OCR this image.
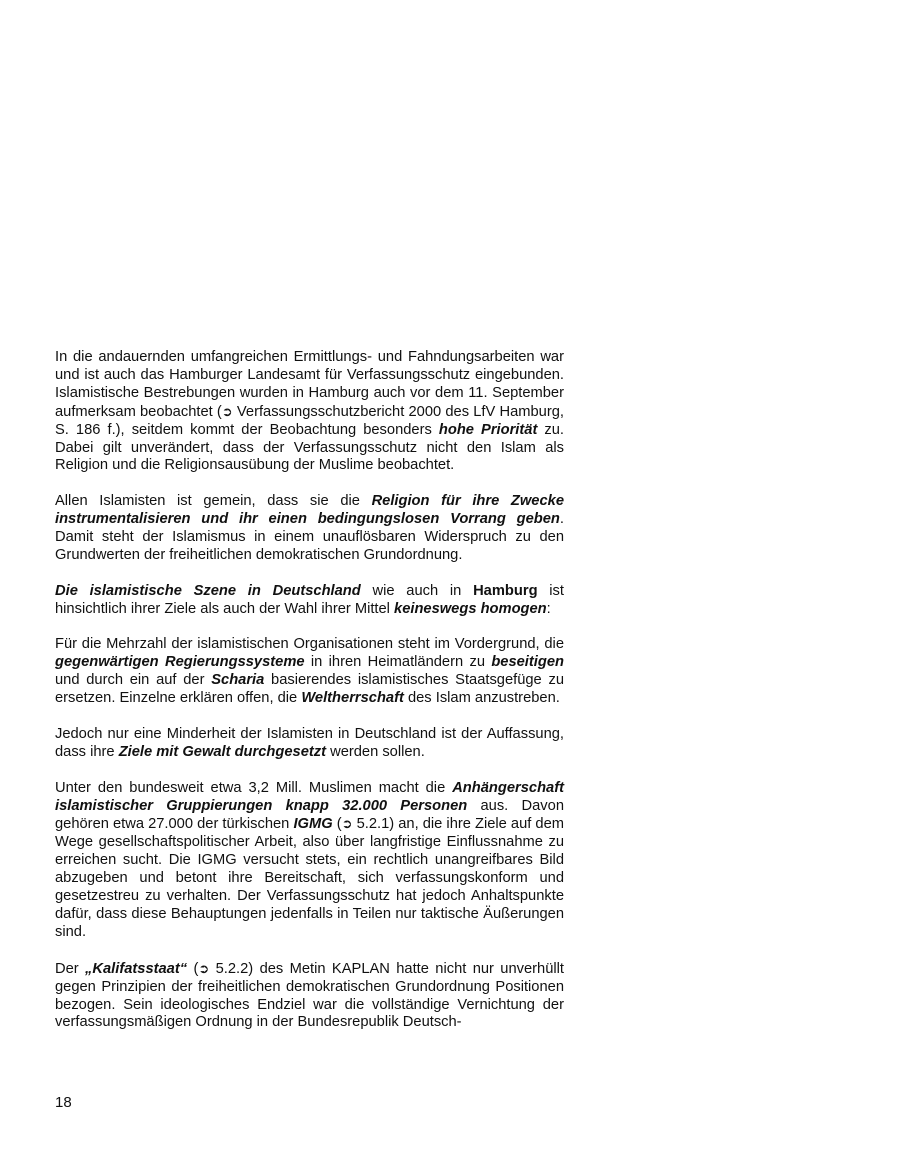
In die andauernden umfangreichen Ermittlungs- und Fahndungsarbeiten war und ist auch das Hamburger Landesamt für Verfassungsschutz eingebunden. Islamistische Bestrebungen wurden in Hamburg auch vor dem 11. September aufmerksam beobachtet (➲ Verfassungsschutzbericht 2000 des LfV Hamburg, S. 186 f.), seitdem kommt der Beobachtung besonders hohe Priorität zu. Dabei gilt unverändert, dass der Verfassungsschutz nicht den Islam als Religion und die Religionsausübung der Muslime beobachtet.

Allen Islamisten ist gemein, dass sie die Religion für ihre Zwecke instrumentalisieren und ihr einen bedingungslosen Vorrang geben. Damit steht der Islamismus in einem unauflösbaren Widerspruch zu den Grundwerten der freiheitlichen demokratischen Grundordnung.

Die islamistische Szene in Deutschland wie auch in Hamburg ist hinsichtlich ihrer Ziele als auch der Wahl ihrer Mittel keineswegs homogen:

Für die Mehrzahl der islamistischen Organisationen steht im Vordergrund, die gegenwärtigen Regierungssysteme in ihren Heimatländern zu beseitigen und durch ein auf der Scharia basierendes islamistisches Staatsgefüge zu ersetzen. Einzelne erklären offen, die Weltherrschaft des Islam anzustreben.

Jedoch nur eine Minderheit der Islamisten in Deutschland ist der Auffassung, dass ihre Ziele mit Gewalt durchgesetzt werden sollen.

Unter den bundesweit etwa 3,2 Mill. Muslimen macht die Anhängerschaft islamistischer Gruppierungen knapp 32.000 Personen aus. Davon gehören etwa 27.000 der türkischen IGMG (➲ 5.2.1) an, die ihre Ziele auf dem Wege gesellschaftspolitischer Arbeit, also über langfristige Einflussnahme zu erreichen sucht. Die IGMG versucht stets, ein rechtlich unangreifbares Bild abzugeben und betont ihre Bereitschaft, sich verfassungskonform und gesetzestreu zu verhalten. Der Verfassungsschutz hat jedoch Anhaltspunkte dafür, dass diese Behauptungen jedenfalls in Teilen nur taktische Äußerungen sind.

Der „Kalifatsstaat“ (➲ 5.2.2) des Metin KAPLAN hatte nicht nur unverhüllt gegen Prinzipien der freiheitlichen demokratischen Grundordnung Positionen bezogen. Sein ideologisches Endziel war die vollständige Vernichtung der verfassungsmäßigen Ordnung in der Bundesrepublik Deutsch-

18
